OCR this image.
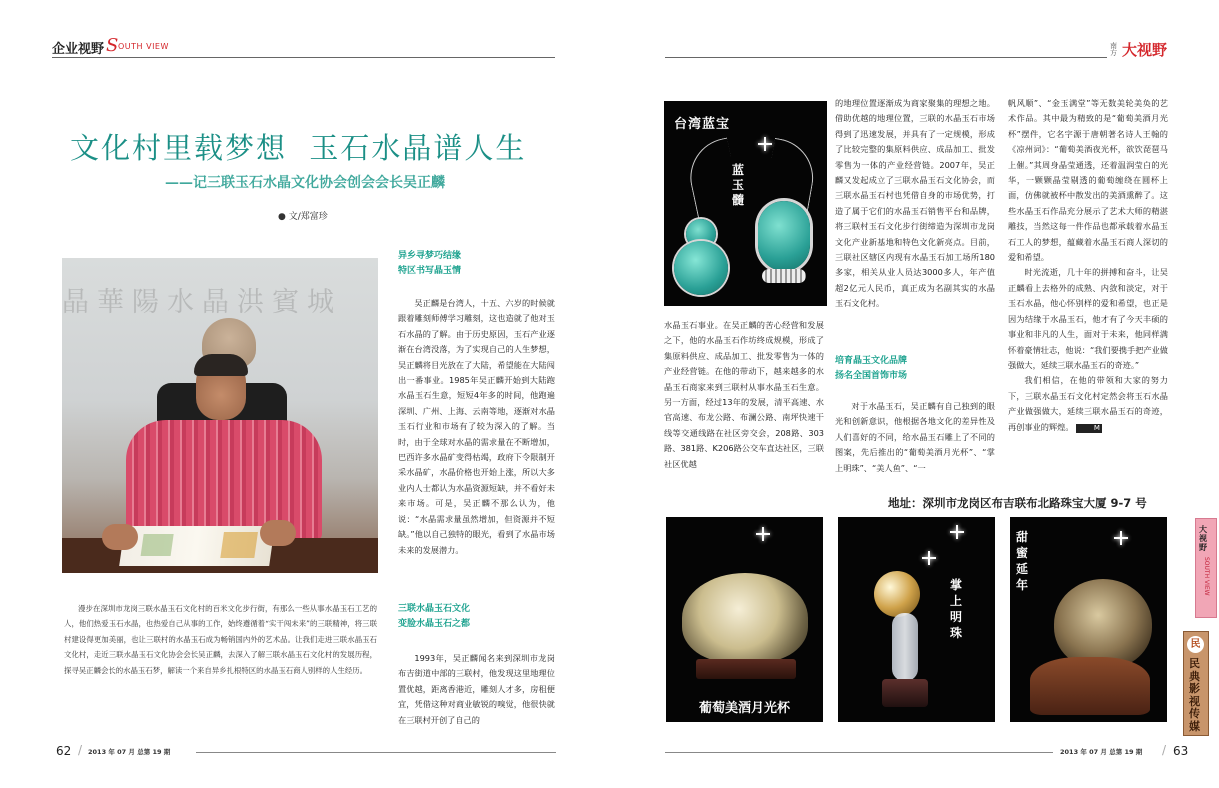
企业视野 S OUTH VIEW	南方 大视野
文化村里载梦想  玉石水晶谱人生
——记三联玉石水晶文化协会创会会长吴正麟
● 文/郑富珍
晶華陽水晶洪賓城
漫步在深圳市龙岗三联水晶玉石文化村的百米文化步行街，有那么一些从事水晶玉石工艺的人，他们热爱玉石水晶，也热爱自己从事的工作，始终遵循着“实干闯未来”的三联精神，将三联村建设得更加美丽，也让三联村的水晶玉石成为畅销国内外的艺术品。让我们走进三联水晶玉石文化村，走近三联水晶玉石文化协会会长吴正麟，去深入了解三联水晶玉石文化村的发展历程，探寻吴正麟会长的水晶玉石梦，解读一个来自异乡扎根特区的水晶玉石商人别样的人生经历。
异乡寻梦巧结缘
特区书写晶玉情

吴正麟是台湾人，十五、六岁的时候就跟着雕刻师傅学习雕刻，这也造就了他对玉石水晶的了解。由于历史原因，玉石产业逐渐在台湾没落，为了实现自己的人生梦想，吴正麟将目光放在了大陆，希望能在大陆闯出一番事业。1985年吴正麟开始到大陆跑水晶玉石生意，短短4年多的时间，他跑遍深圳、广州、上海、云南等地，逐渐对水晶玉石行业和市场有了较为深入的了解。当时，由于全球对水晶的需求量在不断增加，巴西许多水晶矿变得枯竭，政府下令限制开采水晶矿，水晶价格也开始上涨，所以大多业内人士都认为水晶资源短缺，并不看好未来市场。可是，吴正麟不那么认为，他说：“水晶需求量虽然增加，但资源并不短缺。”他以自己独特的眼光，看到了水晶市场未来的发展潜力。

三联水晶玉石文化
变脸水晶玉石之都

1993年，吴正麟闻名来到深圳市龙岗布吉街道中部的三联村，他发现这里地理位置优越，距离香港近，雕刻人才多，房租便宜，凭借这种对商业敏锐的嗅觉，他很快就在三联村开创了自己的

62 / 2013 年 07 月 总第 19 期
台湾蓝宝
蓝玉髓

水晶玉石事业。在吴正麟的苦心经营和发展之下，他的水晶玉石作坊终成规模，形成了集原料供应、成品加工、批发零售为一体的产业经营链。在他的带动下，越来越多的水晶玉石商家来到三联村从事水晶玉石生意。另一方面，经过13年的发展，清平高速、水官高速、布龙公路、布澜公路、南坪快速干线等交通线路在社区旁交会，208路、303路、381路、K206路公交车直达社区，三联社区优越

的地理位置逐渐成为商家聚集的理想之地。借助优越的地理位置，三联的水晶玉石市场得到了迅速发展，并具有了一定规模，形成了比较完整的集原料供应、成品加工、批发零售为一体的产业经营链。2007年，吴正麟又发起成立了三联水晶玉石文化协会，而三联水晶玉石村也凭借自身的市场优势，打造了属于它们的水晶玉石销售平台和品牌，将三联村玉石文化步行街缔造为深圳市龙岗文化产业新基地和特色文化新亮点。目前，三联社区辖区内现有水晶玉石加工场所180多家，相关从业人员达3000多人，年产值超2亿元人民币，真正成为名副其实的水晶玉石文化村。

培育晶玉文化品牌
扬名全国首饰市场

对于水晶玉石，吴正麟有自己独到的眼光和创新意识，他根据各地文化的差异性及人们喜好的不同，给水晶玉石雕上了不同的图案，先后推出的“葡萄美酒月光杯”、“掌上明珠”、“美人鱼”、“一

帆风顺”、“金玉满堂”等无数美轮美奂的艺术作品。其中最为精致的是“葡萄美酒月光杯”摆件，它名字源于唐朝著名诗人王翰的《凉州词》：“葡萄美酒夜光杯，欲饮琵琶马上催。”其周身晶莹通透，还着温润莹白的光华，一颗颗晶莹剔透的葡萄缠绕在圆杯上面，仿佛就被杯中散发出的美酒熏醉了。这些水晶玉石作品充分展示了艺术大师的精湛雕技，当然这每一件作品也都承载着水晶玉石工人的梦想，蕴藏着水晶玉石商人深切的爱和希望。

时光流逝，几十年的拼搏和奋斗，让吴正麟看上去格外的成熟、内敛和淡定，对于玉石水晶，他心怀别样的爱和希望，也正是因为结缘于水晶玉石，他才有了今天丰硕的事业和非凡的人生，面对于未来，他同样满怀着豪情壮志，他说：“我们要携手把产业做强做大，延续三联水晶玉石的奇迹。”

我们相信，在他的带领和大家的努力下，三联水晶玉石文化村定然会将玉石水晶产业做强做大，延续三联水晶玉石的奇迹，再创事业的辉煌。	M

地址：深圳市龙岗区布吉联布北路珠宝大厦 9-7 号
葡萄美酒月光杯
掌上明珠
甜蜜延年
大视野
SOUTH VIEW
民
民典影视传媒
2013 年 07 月 总第 19 期 / 63
